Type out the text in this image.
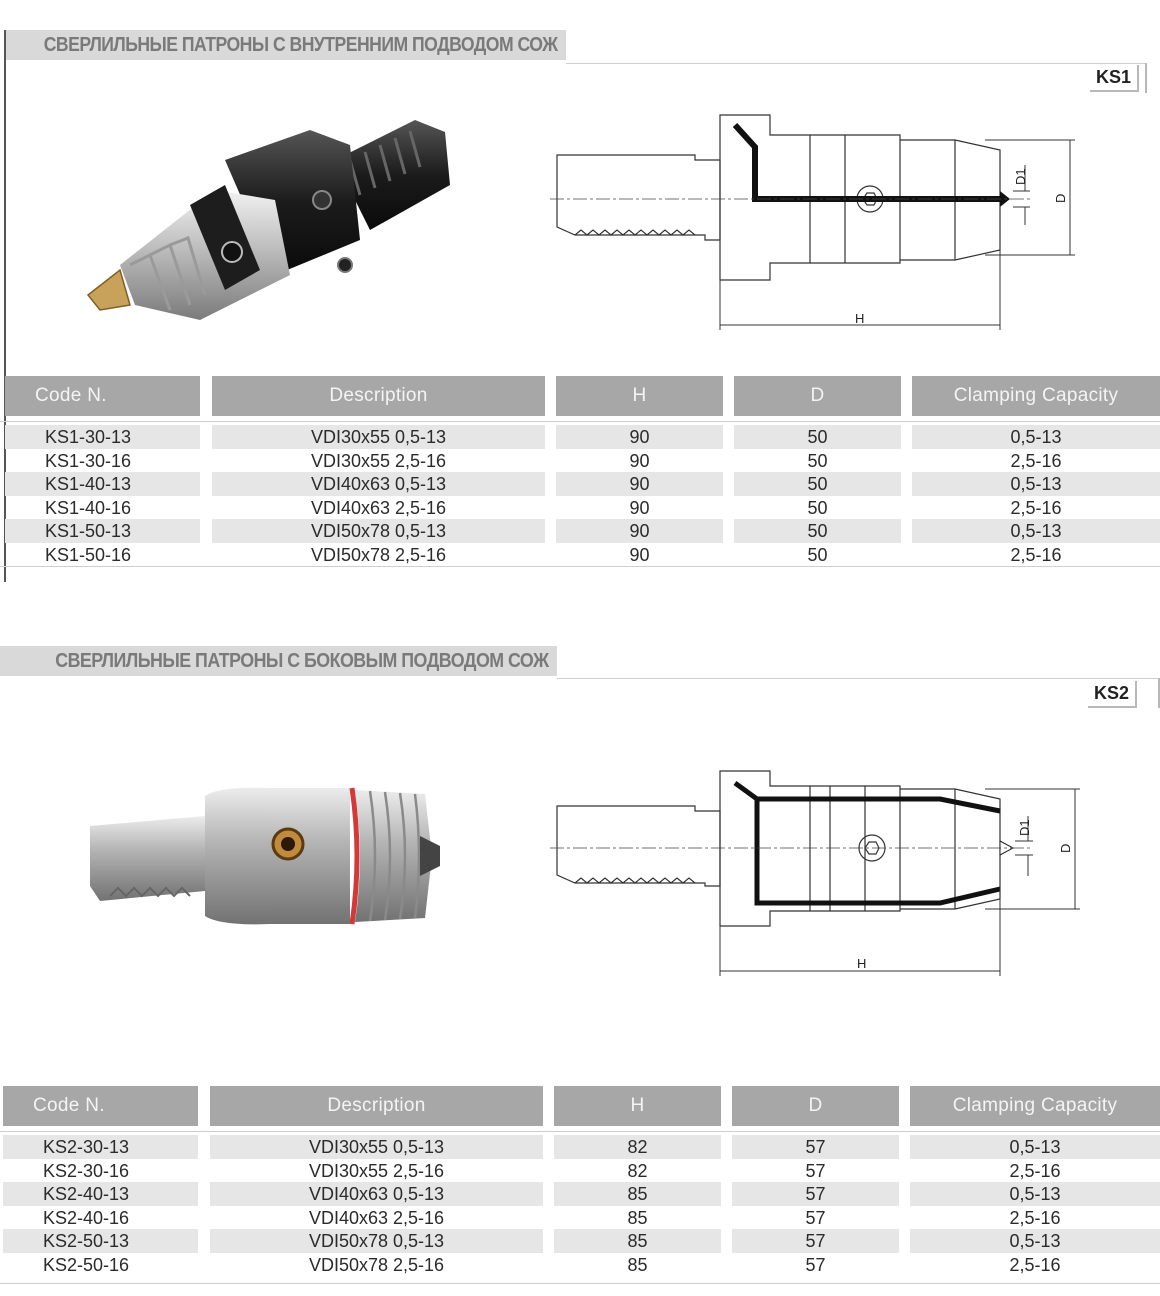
СВЕРЛИЛЬНЫЕ ПАТРОНЫ С ВНУТРЕННИМ ПОДВОДОМ СОЖ
KS1
H
D
D1
Code N.	Description	H	D	Clamping Capacity
KS1-30-13	VDI30x55 0,5-13	90	50	0,5-13
KS1-30-16	VDI30x55 2,5-16	90	50	2,5-16
KS1-40-13	VDI40x63 0,5-13	90	50	0,5-13
KS1-40-16	VDI40x63 2,5-16	90	50	2,5-16
KS1-50-13	VDI50x78 0,5-13	90	50	0,5-13
KS1-50-16	VDI50x78 2,5-16	90	50	2,5-16
СВЕРЛИЛЬНЫЕ ПАТРОНЫ С БОКОВЫМ ПОДВОДОМ СОЖ
KS2
H
D
D1
Code N.	Description	H	D	Clamping Capacity
KS2-30-13	VDI30x55 0,5-13	82	57	0,5-13
KS2-30-16	VDI30x55 2,5-16	82	57	2,5-16
KS2-40-13	VDI40x63 0,5-13	85	57	0,5-13
KS2-40-16	VDI40x63 2,5-16	85	57	2,5-16
KS2-50-13	VDI50x78 0,5-13	85	57	0,5-13
KS2-50-16	VDI50x78 2,5-16	85	57	2,5-16
